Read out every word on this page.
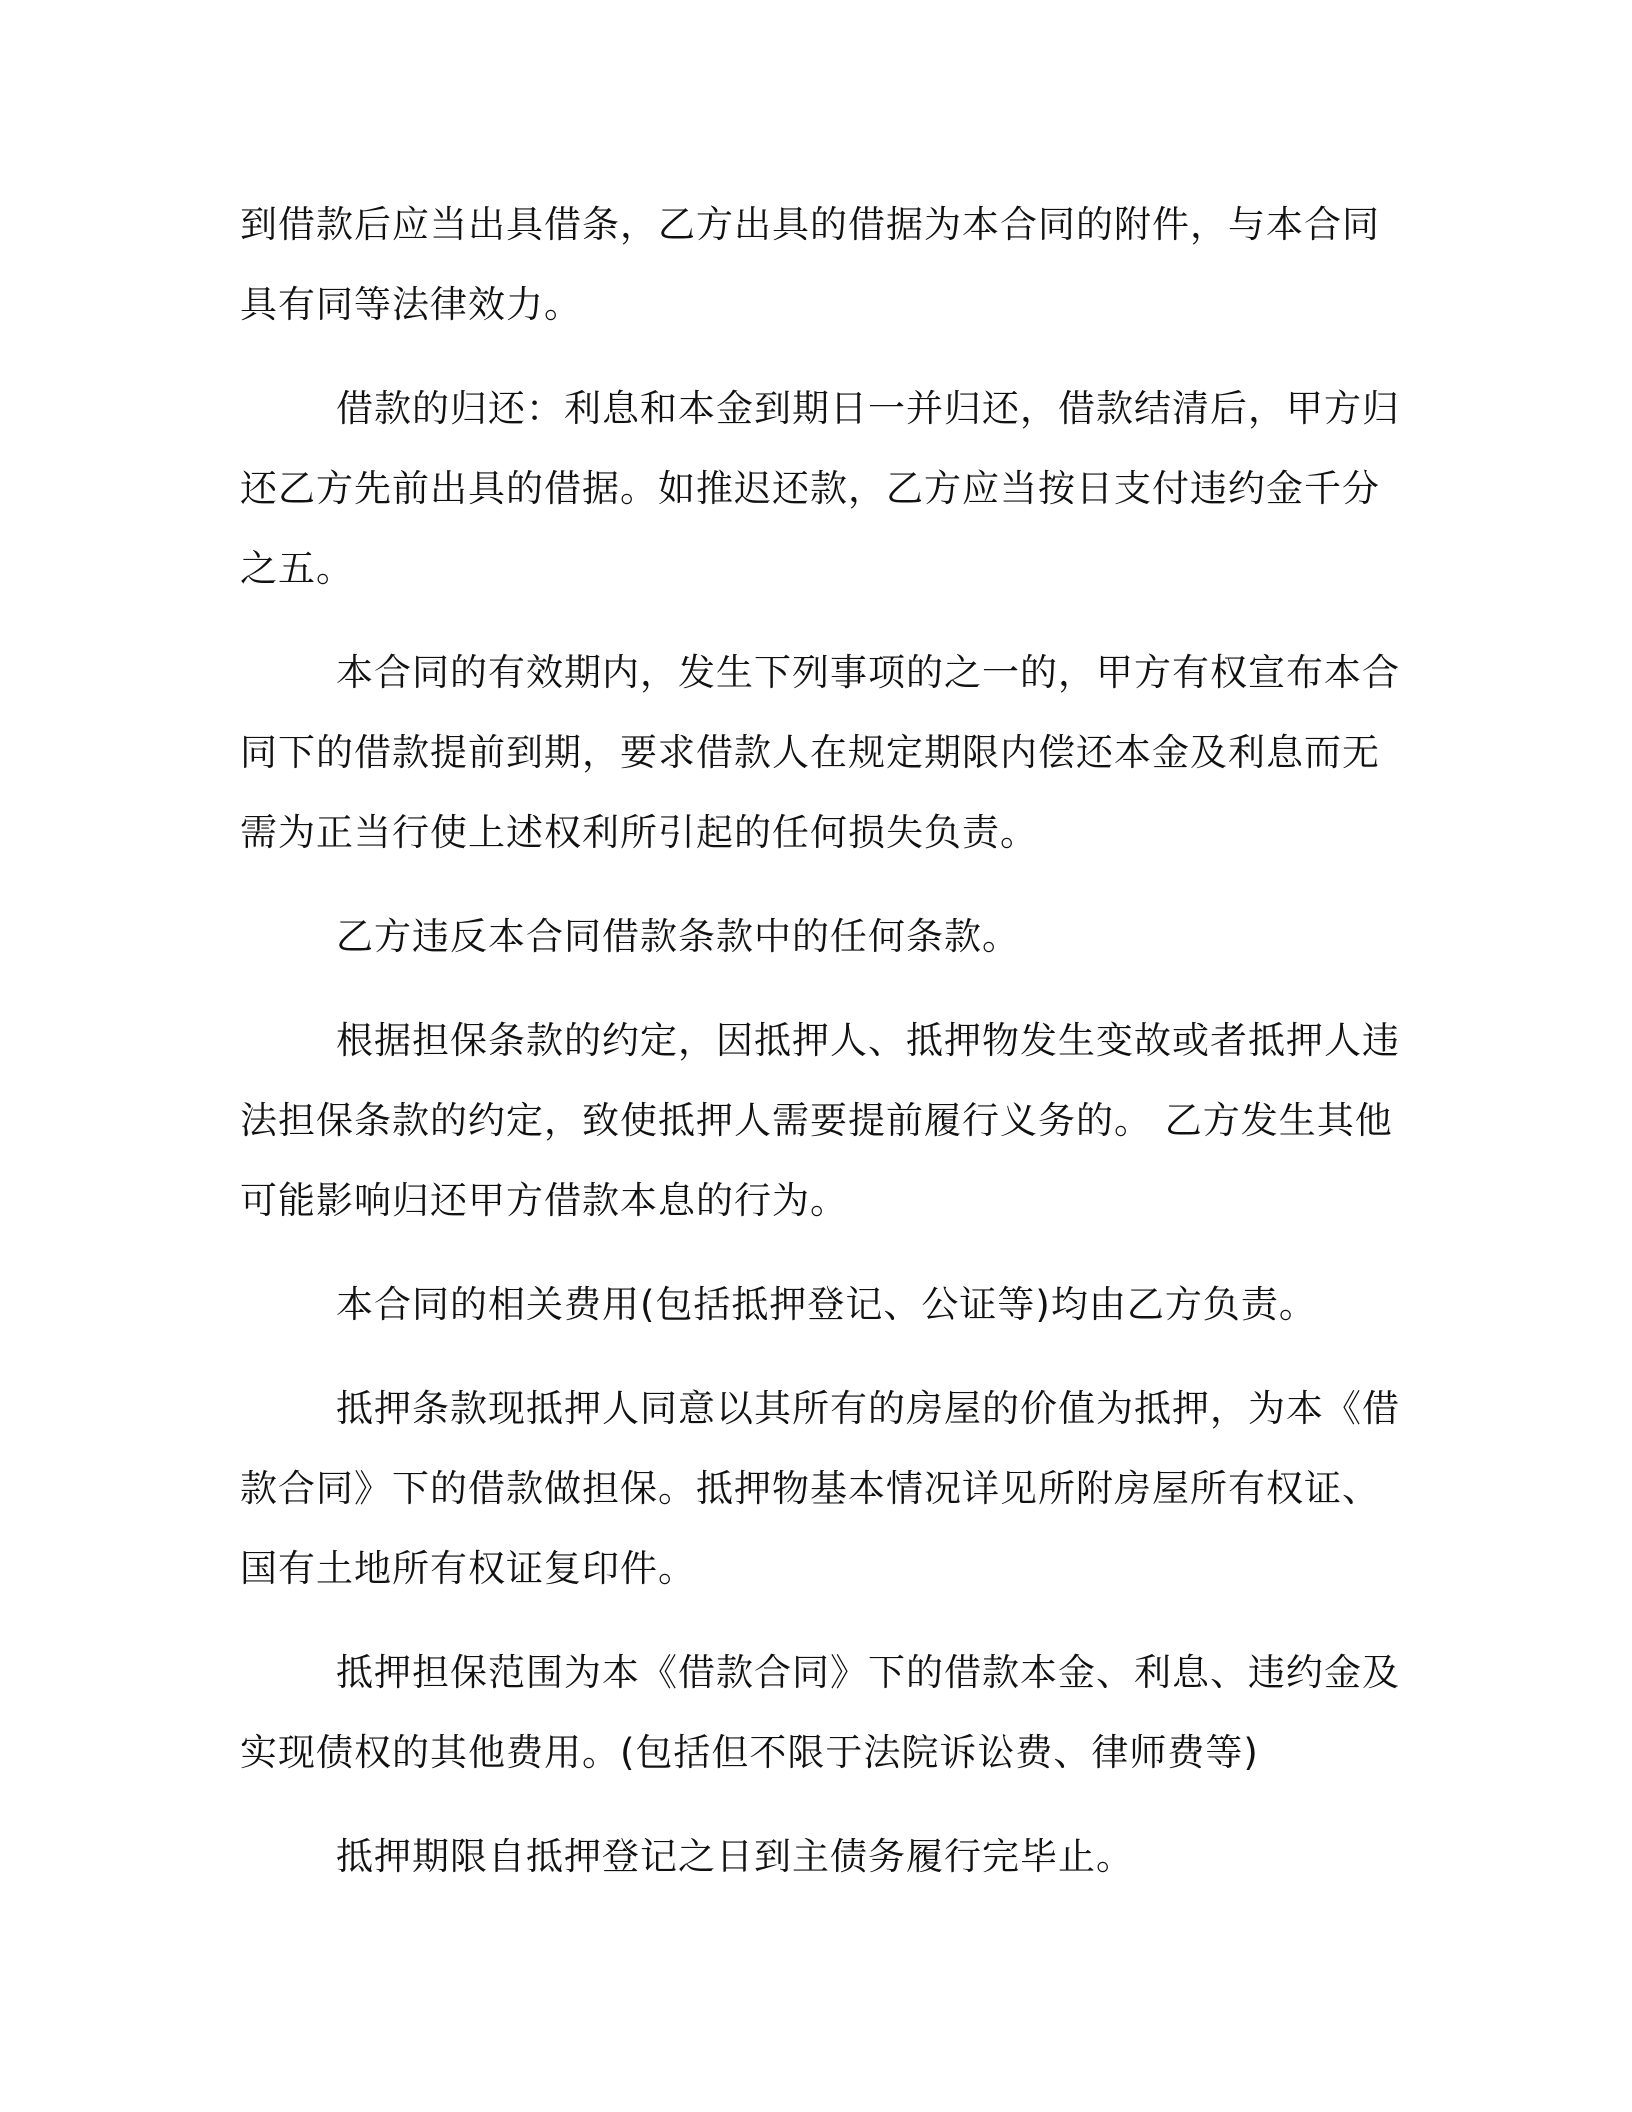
到借款后应当出具借条，乙方出具的借据为本合同的附件，与本合同
具有同等法律效力。

借款的归还：利息和本金到期日一并归还，借款结清后，甲方归
还乙方先前出具的借据。如推迟还款，乙方应当按日支付违约金千分
之五。

本合同的有效期内，发生下列事项的之一的，甲方有权宣布本合
同下的借款提前到期，要求借款人在规定期限内偿还本金及利息而无
需为正当行使上述权利所引起的任何损失负责。

乙方违反本合同借款条款中的任何条款。

根据担保条款的约定，因抵押人、抵押物发生变故或者抵押人违
法担保条款的约定，致使抵押人需要提前履行义务的。 乙方发生其他
可能影响归还甲方借款本息的行为。

本合同的相关费用(包括抵押登记、公证等)均由乙方负责。

抵押条款现抵押人同意以其所有的房屋的价值为抵押，为本《借
款合同》下的借款做担保。抵押物基本情况详见所附房屋所有权证、
国有土地所有权证复印件。

抵押担保范围为本《借款合同》下的借款本金、利息、违约金及
实现债权的其他费用。(包括但不限于法院诉讼费、律师费等)

抵押期限自抵押登记之日到主债务履行完毕止。
